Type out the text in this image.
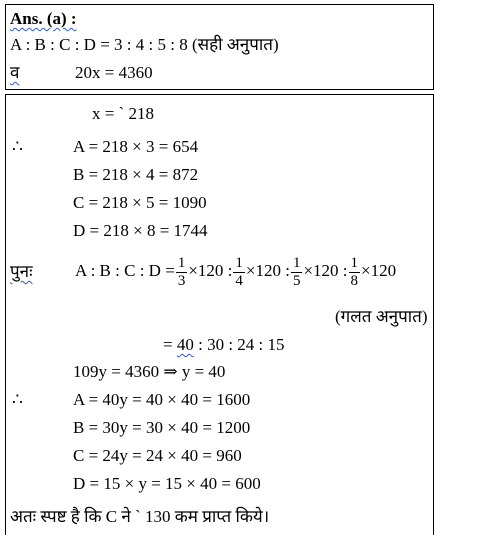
Ans. (a) :
A : B : C : D = 3 : 4 : 5 : 8 (सही अनुपात)
व	20x = 4360
x = ` 218
∴	A = 218 × 3 = 654
B = 218 × 4 = 872
C = 218 × 5 = 1090
D = 218 × 8 = 1744
पुनः A : B : C : $D = \frac{1}{3} \times 120$ : $\frac{1}{4} \times 120$ : $\frac{1}{5} \times 120$ : $\frac{1}{8} \times 120$
(गलत अनुपात)
= 40 : 30 : 24 : 15
109y = 4360 ⇒ y = 40
∴	A = 40y = 40 × 40 = 1600
B = 30y = 30 × 40 = 1200
C = 24y = 24 × 40 = 960
D = 15 × y = 15 × 40 = 600
अतः स्पष्ट है कि C ने ` 130 कम प्राप्त किये।
